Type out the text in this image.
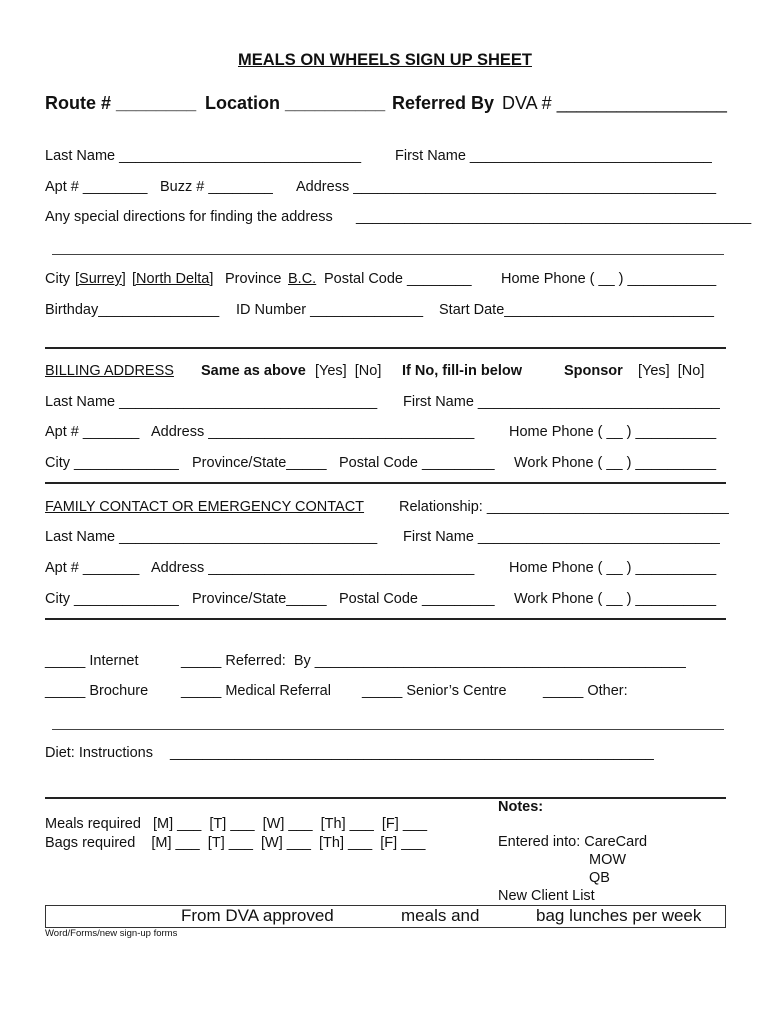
MEALS ON WHEELS SIGN UP SHEET
Route # ________ Location __________ Referred By DVA # _________________
Last Name ______________________________ First Name ______________________________
Apt # ________ Buzz # ________ Address _____________________________________________
Any special directions for finding the address _________________________________________________
City [Surrey] [North Delta] Province B.C. Postal Code ________ Home Phone ( __ ) ___________
Birthday_______________ ID Number ______________ Start Date__________________________
BILLING ADDRESS Same as above [Yes]  [No] If No, fill-in below	Sponsor [Yes]  [No]
Last Name ________________________________ First Name ______________________________
Apt # _______ Address _________________________________ Home Phone ( __ ) __________
City _____________ Province/State_____ Postal Code _________ Work Phone ( __ ) __________
FAMILY CONTACT OR EMERGENCY CONTACT Relationship: ______________________________
Last Name ________________________________ First Name ______________________________
Apt # _______ Address _________________________________ Home Phone ( __ ) __________
City _____________ Province/State_____ Postal Code _________ Work Phone ( __ ) __________
_____ Internet	_____ Referred:  By ______________________________________________
_____ Brochure _____ Medical Referral _____ Senior’s Centre	_____ Other:
Diet: Instructions ____________________________________________________________
Meals required   [M] ___  [T] ___  [W] ___  [Th] ___  [F] ___
Bags required    [M] ___  [T] ___  [W] ___  [Th] ___  [F] ___
Notes:
Entered into: CareCard
MOW
QB
New Client List
From DVA approved	meals and	bag lunches per week
Word/Forms/new sign-up forms
